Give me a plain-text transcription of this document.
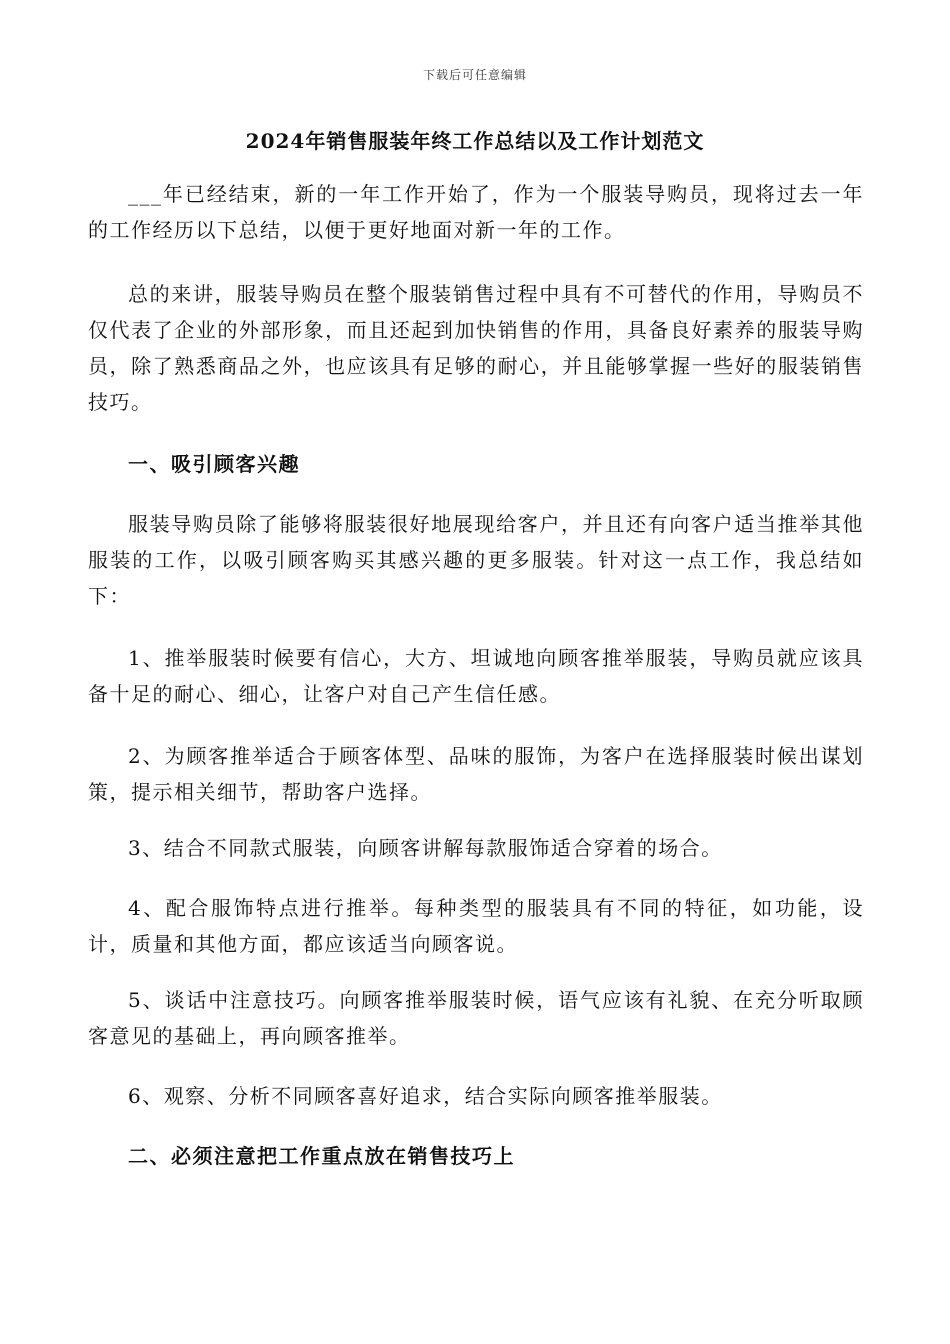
下载后可任意编辑
2024年销售服装年终工作总结以及工作计划范文

___年已经结束，新的一年工作开始了，作为一个服装导购员，现将过去一年的工作经历以下总结，以便于更好地面对新一年的工作。

总的来讲，服装导购员在整个服装销售过程中具有不可替代的作用，导购员不仅代表了企业的外部形象，而且还起到加快销售的作用，具备良好素养的服装导购员，除了熟悉商品之外，也应该具有足够的耐心，并且能够掌握一些好的服装销售技巧。

一、吸引顾客兴趣

服装导购员除了能够将服装很好地展现给客户，并且还有向客户适当推举其他服装的工作，以吸引顾客购买其感兴趣的更多服装。针对这一点工作，我总结如下：

1、推举服装时候要有信心，大方、坦诚地向顾客推举服装，导购员就应该具备十足的耐心、细心，让客户对自己产生信任感。

2、为顾客推举适合于顾客体型、品味的服饰，为客户在选择服装时候出谋划策，提示相关细节，帮助客户选择。

3、结合不同款式服装，向顾客讲解每款服饰适合穿着的场合。

4、配合服饰特点进行推举。每种类型的服装具有不同的特征，如功能，设计，质量和其他方面，都应该适当向顾客说。

5、谈话中注意技巧。向顾客推举服装时候，语气应该有礼貌、在充分听取顾客意见的基础上，再向顾客推举。

6、观察、分析不同顾客喜好追求，结合实际向顾客推举服装。

二、必须注意把工作重点放在销售技巧上
